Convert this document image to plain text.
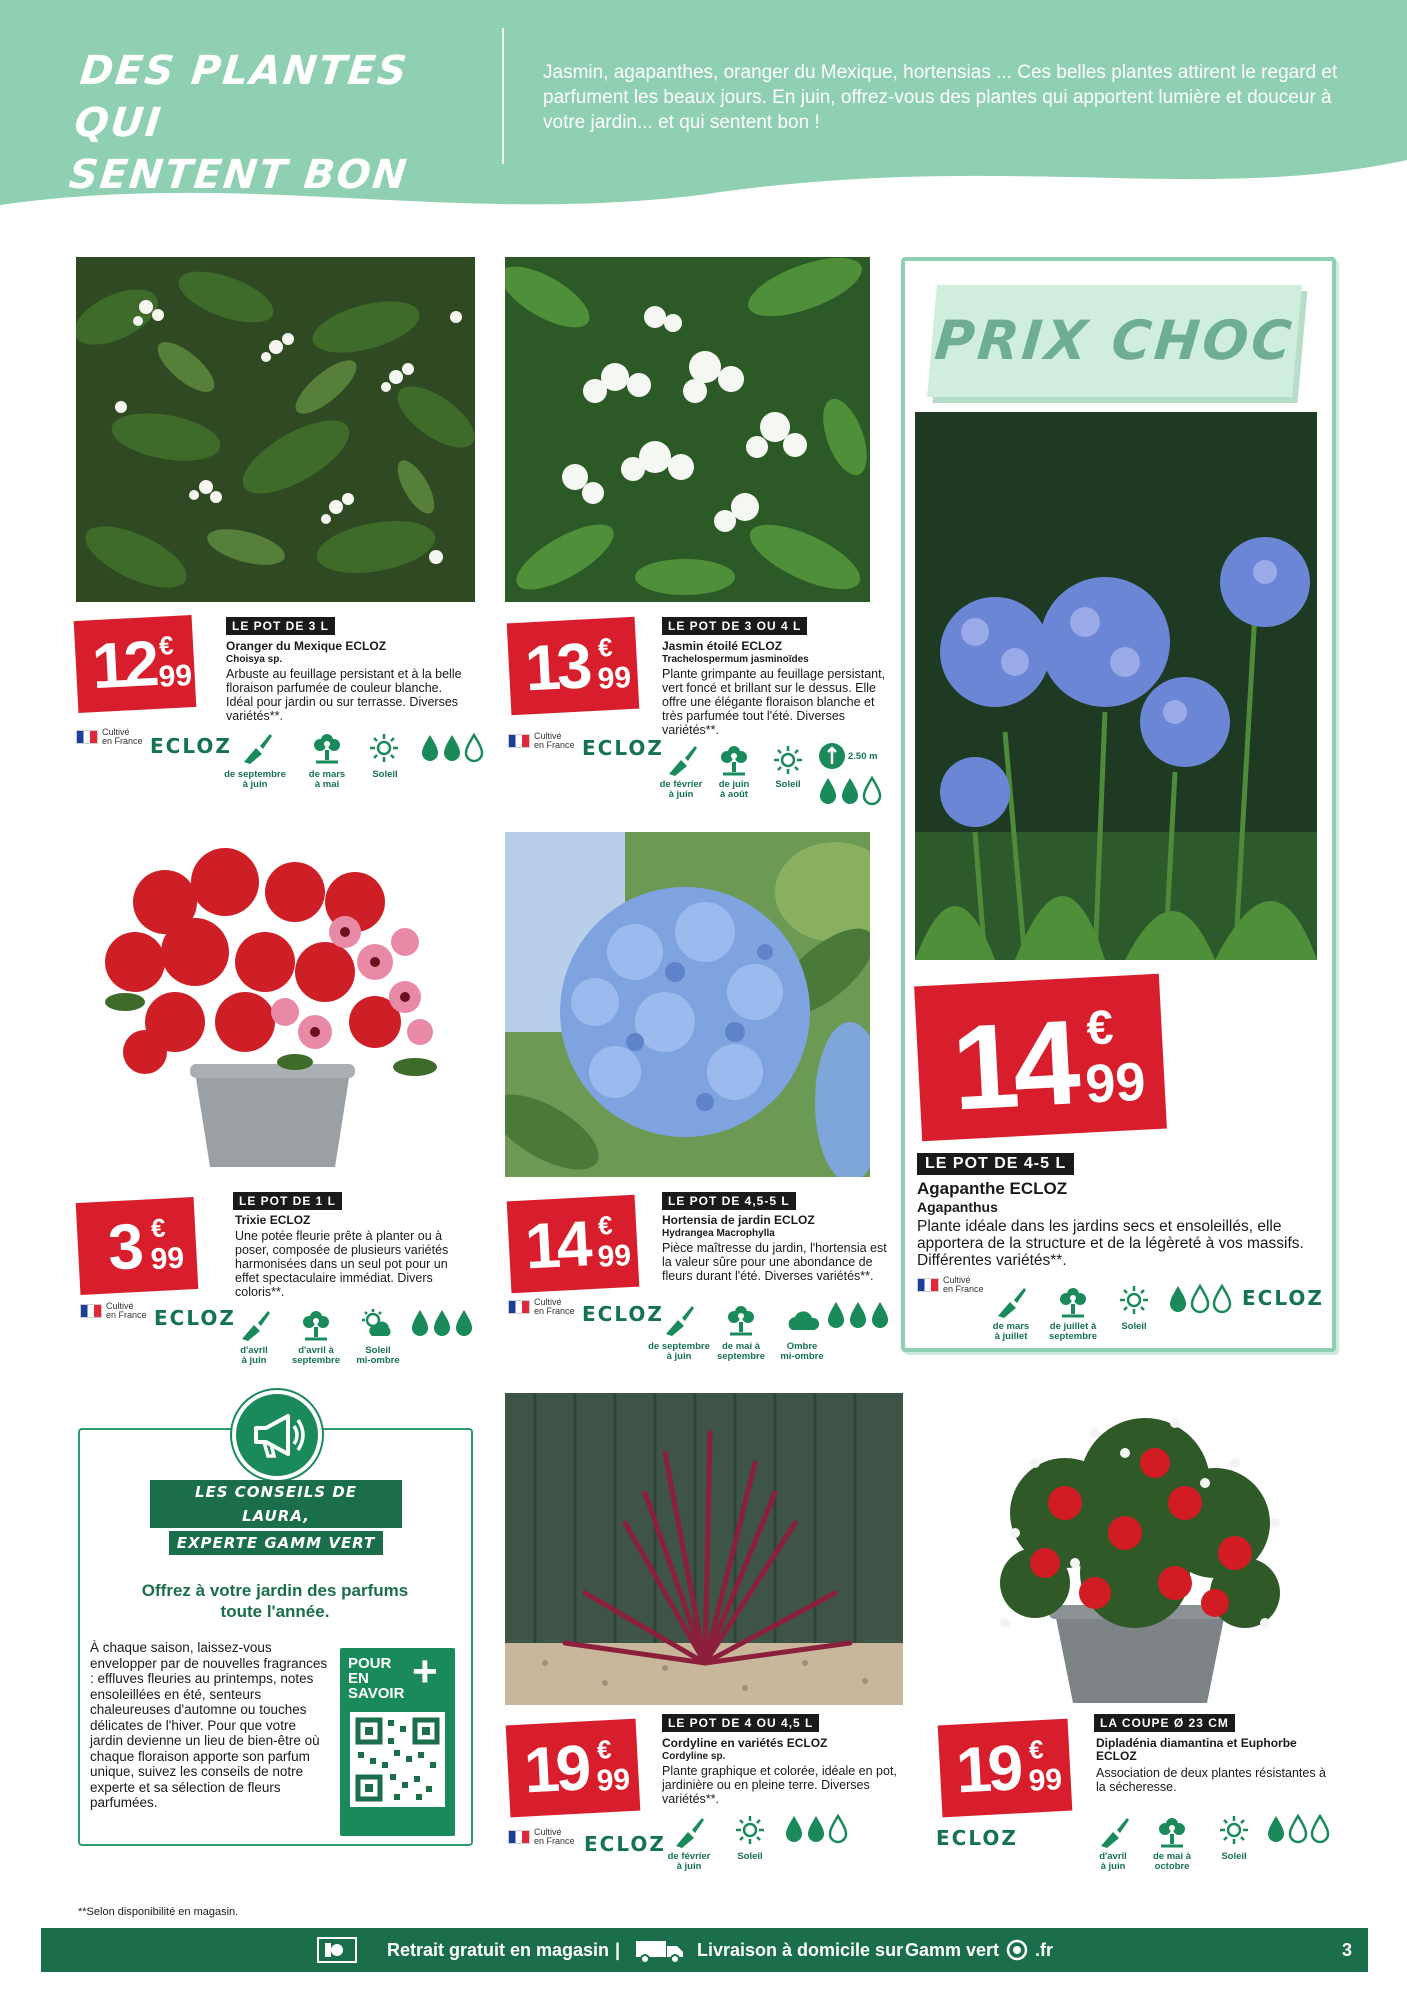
DES PLANTES QUI
SENTENT BON L'ÉTÉ !
Jasmin, agapanthes, oranger du Mexique, hortensias ... Ces belles plantes attirent le regard et parfument les beaux jours. En juin, offrez-vous des plantes qui apportent lumière et douceur à votre jardin... et qui sentent bon !
12 €
99
LE POT DE 3 L
Oranger du Mexique ECLOZ
Choisya sp.
Arbuste au feuillage persistant et à la belle floraison parfumée de couleur blanche. Idéal pour jardin ou sur terrasse. Diverses variétés**.
Cultivé
en France ECLOZ
de septembre
à juin
de mars
à mai
Soleil
13 €
99
LE POT DE 3 OU 4 L
Jasmin étoilé ECLOZ
Trachelospermum jasminoïdes
Plante grimpante au feuillage persistant, vert foncé et brillant sur le dessus. Elle offre une élégante floraison blanche et très parfumée tout l'été. Diverses variétés**.
Cultivé
en France ECLOZ
de février
à juin
de juin
à août
Soleil
2.50 m
3 €
99
LE POT DE 1 L
Trixie ECLOZ
Une potée fleurie prête à planter ou à poser, composée de plusieurs variétés harmonisées dans un seul pot pour un effet spectaculaire immédiat. Divers coloris**.
Cultivé
en France ECLOZ
d'avril
à juin
d'avril à
septembre
Soleil
mi-ombre
14 €
99
LE POT DE 4,5-5 L
Hortensia de jardin ECLOZ
Hydrangea Macrophylla
Pièce maîtresse du jardin, l'hortensia est la valeur sûre pour une abondance de fleurs durant l'été. Diverses variétés**.
Cultivé
en France ECLOZ
de septembre
à juin
de mai à
septembre
Ombre
mi-ombre
PRIX CHOC
14 €
99
LE POT DE 4-5 L
Agapanthe ECLOZ
Agapanthus
Plante idéale dans les jardins secs et ensoleillés, elle apportera de la structure et de la légèreté à vos massifs. Différentes variétés**.
Cultivé
en France
de mars
à juillet
de juillet à
septembre
Soleil
ECLOZ
LES CONSEILS DE LAURA,
EXPERTE GAMM VERT
Offrez à votre jardin des parfums toute l'année.
À chaque saison, laissez-vous envelopper par de nouvelles fragrances : effluves fleuries au printemps, notes ensoleillées en été, senteurs chaleureuses d'automne ou touches délicates de l'hiver. Pour que votre jardin devienne un lieu de bien-être où chaque floraison apporte son parfum unique, suivez les conseils de notre experte et sa sélection de fleurs parfumées.
POUR EN SAVOIR +
19 €
99
LE POT DE 4 OU 4,5 L
Cordyline en variétés ECLOZ
Cordyline sp.
Plante graphique et colorée, idéale en pot, jardinière ou en pleine terre. Diverses variétés**.
Cultivé
en France ECLOZ
de février
à juin
Soleil
19 €
99
LA COUPE Ø 23 CM
Dipladénia diamantina et Euphorbe ECLOZ
Association de deux plantes résistantes à la sécheresse.
ECLOZ
d'avril
à juin
de mai à
octobre
Soleil
**Selon disponibilité en magasin.
Retrait gratuit en magasin |	Livraison à domicile sur Gamm vert .fr	3
